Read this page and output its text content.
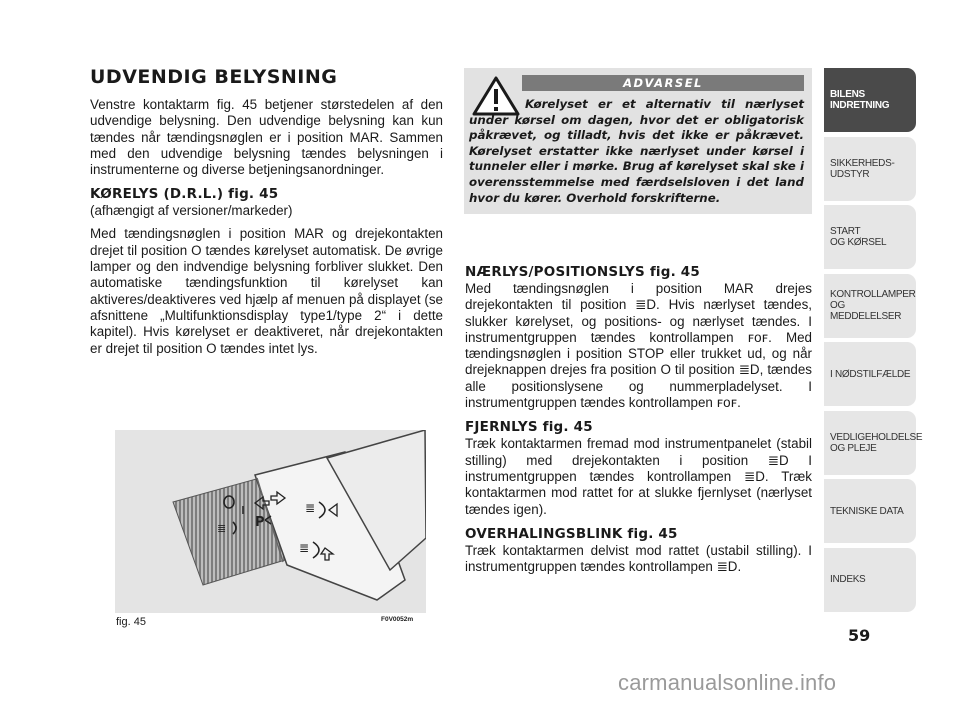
UDVENDIG BELYSNING
Venstre kontaktarm fig. 45 betjener størstedelen af den udvendige belysning. Den udvendige belysning kan kun tændes når tændingsnøglen er i position MAR. Sammen med den udvendige belysning tændes belysningen i instrumenterne og diverse betjeningsanordninger.
KØRELYS (D.R.L.) fig. 45
(afhængigt af versioner/markeder)
Med tændingsnøglen i position MAR og drejekontakten drejet til position O tændes kørelyset automatisk. De øvrige lamper og den indvendige belysning forbliver slukket. Den automatiske tændingsfunktion til kørelyset kan aktiveres/deaktiveres ved hjælp af menuen på displayet (se afsnittene „Multifunktionsdisplay type1/type 2“ i dette kapitel). Hvis kørelyset er deaktiveret, når drejekontakten er drejet til position O tændes intet lys.
ADVARSEL
Kørelyset er et alternativ til nærlyset under kørsel om dagen, hvor det er obligatorisk påkrævet, og tilladt, hvis det ikke er påkrævet. Kørelyset erstatter ikke nærlyset under kørsel i tunneler eller i mørke. Brug af kørelyset skal ske i overensstemmelse med færdselsloven i det land hvor du kører. Overhold forskrifterne.
NÆRLYS/POSITIONSLYS fig. 45
Med tændingsnøglen i position MAR drejes drejekontakten til position ≣D. Hvis nærlyset tændes, slukker kørelyset, og positions- og nærlyset tændes. I instrumentgruppen tændes kontrollampen ꜰoꜰ. Med tændingsnøglen i position STOP eller trukket ud, og når drejeknappen drejes fra position O til position ≣D, tændes alle positionslysene og nummerpladelyset. I instrumentgruppen tændes kontrollampen ꜰoꜰ.
FJERNLYS fig. 45
Træk kontaktarmen fremad mod instrumentpanelet (stabil stilling) med drejekontakten i position ≣D I instrumentgruppen tændes kontrollampen ≣D. Træk kontaktarmen mod rattet for at slukke fjernlyset (nærlyset tændes igen).
OVERHALINGSBLINK fig. 45
Træk kontaktarmen delvist mod rattet (ustabil stilling). I instrumentgruppen tændes kontrollampen ≣D.
≣ P
≣
≣
fig. 45	F0V0052m
BILENS
INDRETNING
SIKKERHEDS-
UDSTYR
START
OG KØRSEL
KONTROLLAMPER
OG MEDDELELSER
I NØDSTILFÆLDE
VEDLIGEHOLDELSE
OG PLEJE
TEKNISKE DATA
INDEKS
59
carmanualsonline.info
